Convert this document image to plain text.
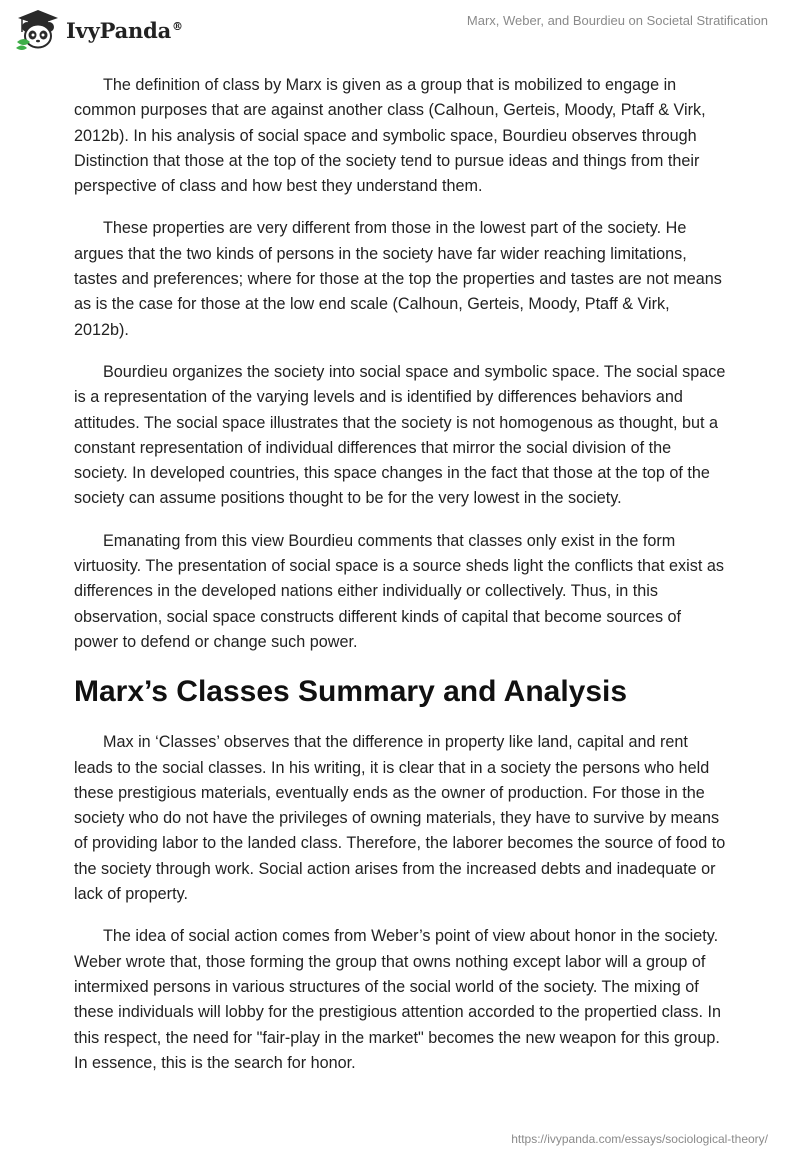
IvyPanda®	Marx, Weber, and Bourdieu on Societal Stratification

The definition of class by Marx is given as a group that is mobilized to engage in common purposes that are against another class (Calhoun, Gerteis, Moody, Ptaff & Virk, 2012b). In his analysis of social space and symbolic space, Bourdieu observes through Distinction that those at the top of the society tend to pursue ideas and things from their perspective of class and how best they understand them.

These properties are very different from those in the lowest part of the society. He argues that the two kinds of persons in the society have far wider reaching limitations, tastes and preferences; where for those at the top the properties and tastes are not means as is the case for those at the low end scale (Calhoun, Gerteis, Moody, Ptaff & Virk, 2012b).

Bourdieu organizes the society into social space and symbolic space. The social space is a representation of the varying levels and is identified by differences behaviors and attitudes. The social space illustrates that the society is not homogenous as thought, but a constant representation of individual differences that mirror the social division of the society. In developed countries, this space changes in the fact that those at the top of the society can assume positions thought to be for the very lowest in the society.

Emanating from this view Bourdieu comments that classes only exist in the form virtuosity. The presentation of social space is a source sheds light the conflicts that exist as differences in the developed nations either individually or collectively. Thus, in this observation, social space constructs different kinds of capital that become sources of power to defend or change such power.

Marx’s Classes Summary and Analysis

Max in ‘Classes’ observes that the difference in property like land, capital and rent leads to the social classes. In his writing, it is clear that in a society the persons who held these prestigious materials, eventually ends as the owner of production. For those in the society who do not have the privileges of owning materials, they have to survive by means of providing labor to the landed class. Therefore, the laborer becomes the source of food to the society through work. Social action arises from the increased debts and inadequate or lack of property.

The idea of social action comes from Weber’s point of view about honor in the society. Weber wrote that, those forming the group that owns nothing except labor will a group of intermixed persons in various structures of the social world of the society. The mixing of these individuals will lobby for the prestigious attention accorded to the propertied class. In this respect, the need for "fair-play in the market" becomes the new weapon for this group. In essence, this is the search for honor.

https://ivypanda.com/essays/sociological-theory/
